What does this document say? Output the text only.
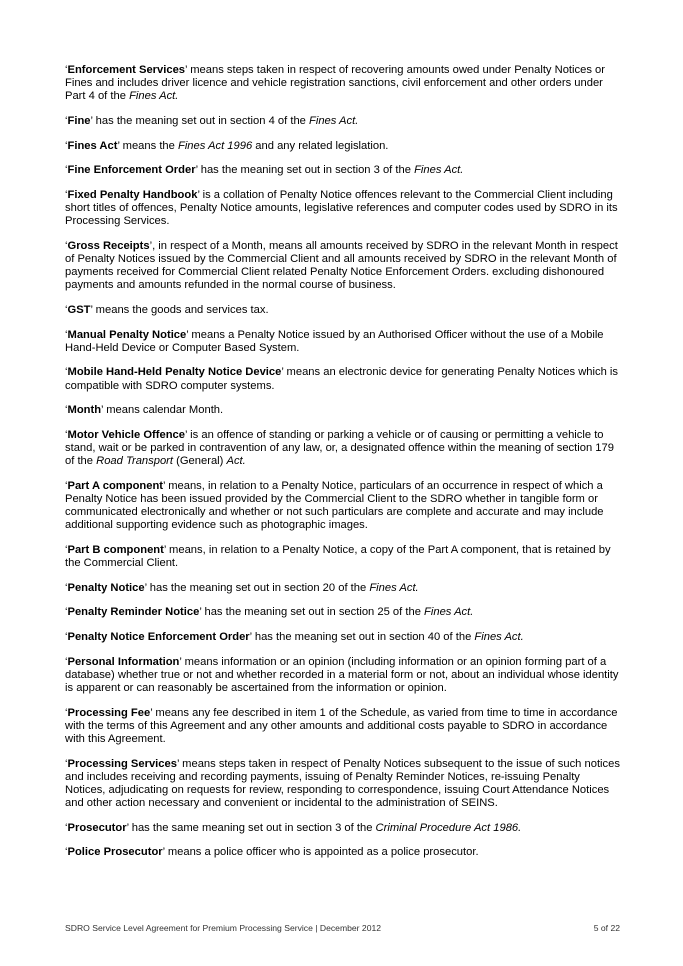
‘Enforcement Services’ means steps taken in respect of recovering amounts owed under Penalty Notices or Fines and includes driver licence and vehicle registration sanctions, civil enforcement and other orders under Part 4 of the Fines Act.

‘Fine’ has the meaning set out in section 4 of the Fines Act.

‘Fines Act’ means the Fines Act 1996 and any related legislation.

‘Fine Enforcement Order’ has the meaning set out in section 3 of the Fines Act.

‘Fixed Penalty Handbook’ is a collation of Penalty Notice offences relevant to the Commercial Client including short titles of offences, Penalty Notice amounts, legislative references and computer codes used by SDRO in its Processing Services.

‘Gross Receipts’, in respect of a Month, means all amounts received by SDRO in the relevant Month in respect of Penalty Notices issued by the Commercial Client and all amounts received by SDRO in the relevant Month of payments received for Commercial Client related Penalty Notice Enforcement Orders. excluding dishonoured payments and amounts refunded in the normal course of business.

‘GST’ means the goods and services tax.

‘Manual Penalty Notice’ means a Penalty Notice issued by an Authorised Officer without the use of a Mobile Hand-Held Device or Computer Based System.

‘Mobile Hand-Held Penalty Notice Device’ means an electronic device for generating Penalty Notices which is compatible with SDRO computer systems.

‘Month’ means calendar Month.

‘Motor Vehicle Offence’ is an offence of standing or parking a vehicle or of causing or permitting a vehicle to stand, wait or be parked in contravention of any law, or, a designated offence within the meaning of section 179 of the Road Transport (General) Act.

‘Part A component’ means, in relation to a Penalty Notice, particulars of an occurrence in respect of which a Penalty Notice has been issued provided by the Commercial Client to the SDRO whether in tangible form or communicated electronically and whether or not such particulars are complete and accurate and may include additional supporting evidence such as photographic images.

‘Part B component’ means, in relation to a Penalty Notice, a copy of the Part A component, that is retained by the Commercial Client.

‘Penalty Notice’ has the meaning set out in section 20 of the Fines Act.

‘Penalty Reminder Notice’ has the meaning set out in section 25 of the Fines Act.

‘Penalty Notice Enforcement Order’ has the meaning set out in section 40 of the Fines Act.

‘Personal Information’ means information or an opinion (including information or an opinion forming part of a database) whether true or not and whether recorded in a material form or not, about an individual whose identity is apparent or can reasonably be ascertained from the information or opinion.

‘Processing Fee’ means any fee described in item 1 of the Schedule, as varied from time to time in accordance with the terms of this Agreement and any other amounts and additional costs payable to SDRO in accordance with this Agreement.

‘Processing Services’ means steps taken in respect of Penalty Notices subsequent to the issue of such notices and includes receiving and recording payments, issuing of Penalty Reminder Notices, re-issuing Penalty Notices, adjudicating on requests for review, responding to correspondence, issuing Court Attendance Notices and other action necessary and convenient or incidental to the administration of SEINS.

‘Prosecutor’ has the same meaning set out in section 3 of the Criminal Procedure Act 1986.

‘Police Prosecutor’ means a police officer who is appointed as a police prosecutor.

SDRO Service Level Agreement for Premium Processing Service | December 2012	5 of 22
